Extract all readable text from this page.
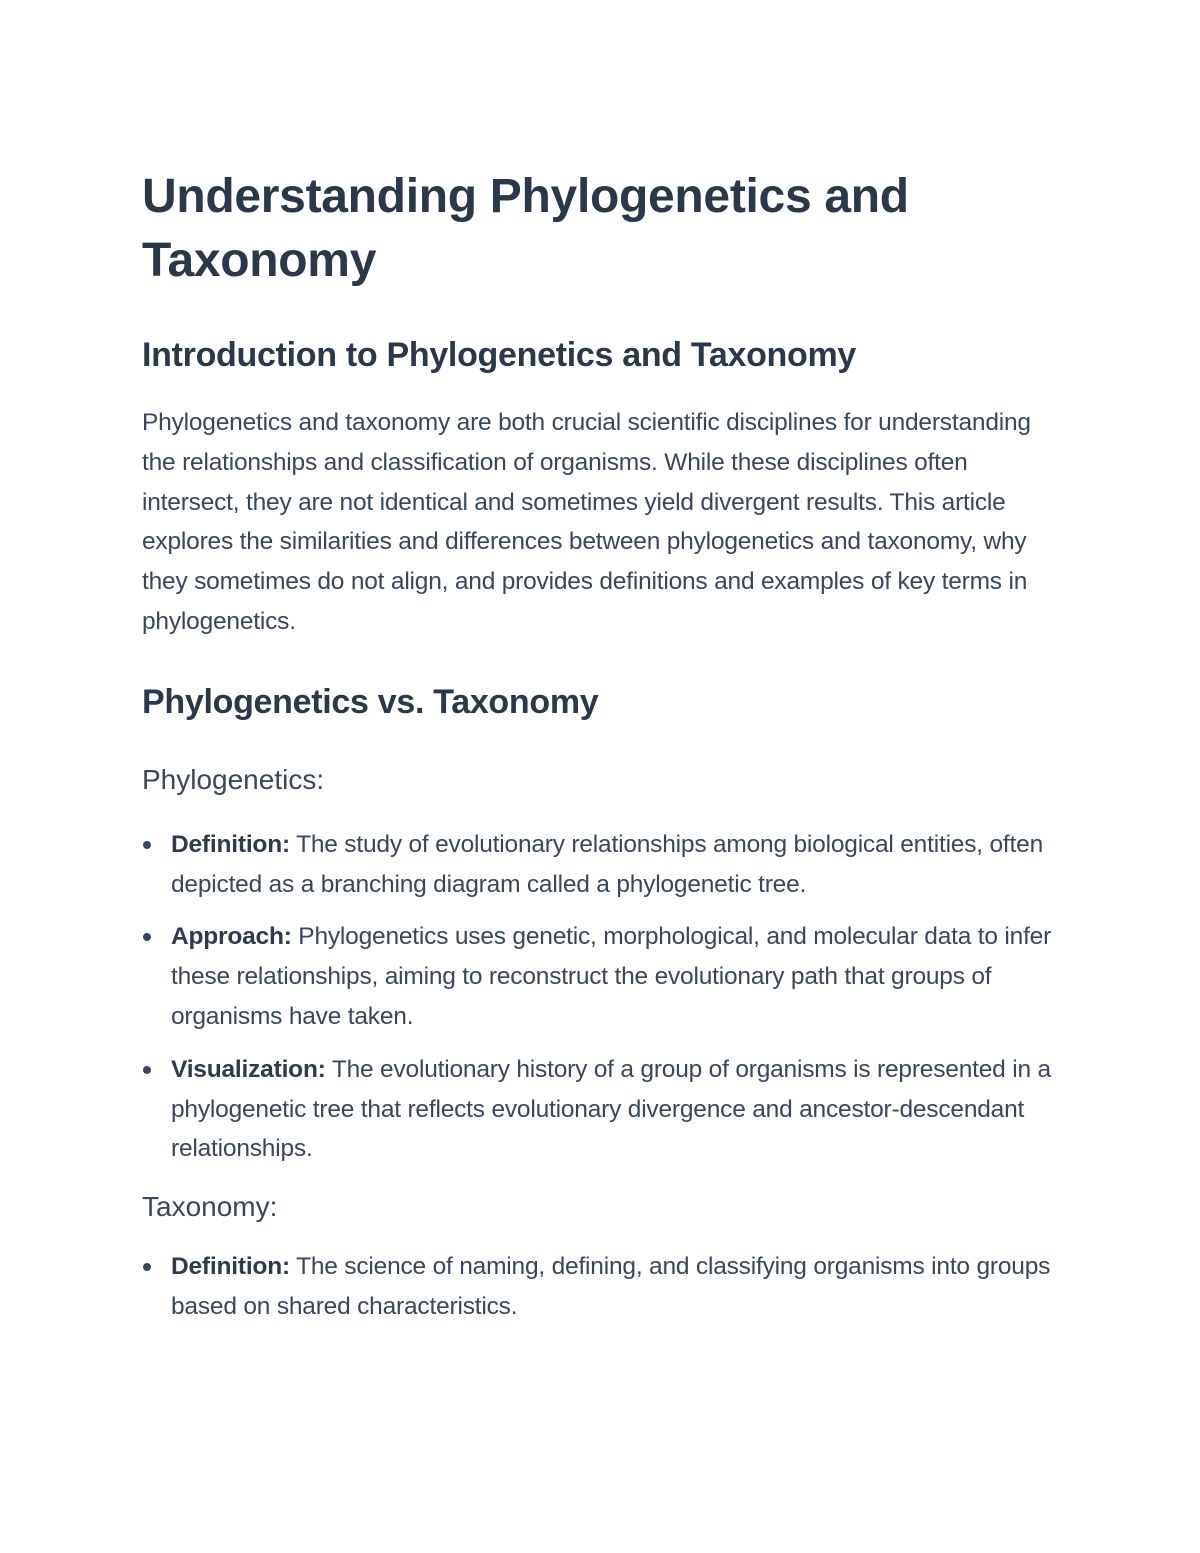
Understanding Phylogenetics and Taxonomy
Introduction to Phylogenetics and Taxonomy

Phylogenetics and taxonomy are both crucial scientific disciplines for understanding the relationships and classification of organisms. While these disciplines often intersect, they are not identical and sometimes yield divergent results. This article explores the similarities and differences between phylogenetics and taxonomy, why they sometimes do not align, and provides definitions and examples of key terms in phylogenetics.

Phylogenetics vs. Taxonomy
Phylogenetics:
Definition: The study of evolutionary relationships among biological entities, often depicted as a branching diagram called a phylogenetic tree.
Approach: Phylogenetics uses genetic, morphological, and molecular data to infer these relationships, aiming to reconstruct the evolutionary path that groups of organisms have taken.
Visualization: The evolutionary history of a group of organisms is represented in a phylogenetic tree that reflects evolutionary divergence and ancestor-descendant relationships.
Taxonomy:
Definition: The science of naming, defining, and classifying organisms into groups based on shared characteristics.
